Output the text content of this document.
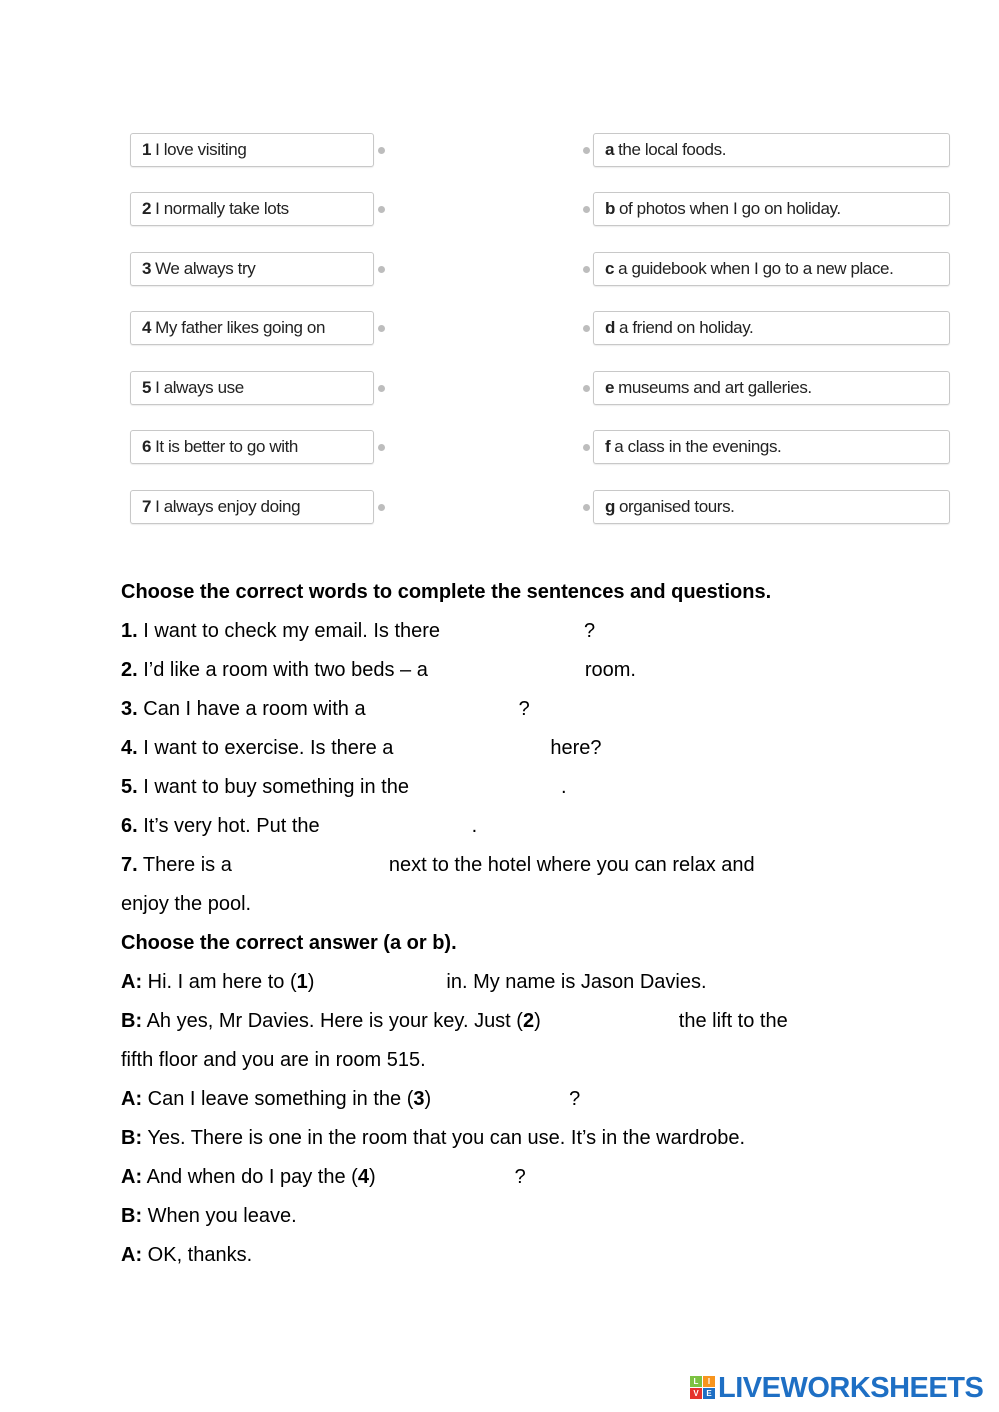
1 I love visiting
2 I normally take lots
3 We always try
4 My father likes going on
5 I always use
6 It is better to go with
7 I always enjoy doing
a the local foods.
b of photos when I go on holiday.
c a guidebook when I go to a new place.
d a friend on holiday.
e museums and art galleries.
f a class in the evenings.
g organised tours.
Choose the correct words to complete the sentences and questions.
1. I want to check my email. Is there	?
2. I’d like a room with two beds – a	room.
3. Can I have a room with a	?
4. I want to exercise. Is there a	here?
5. I want to buy something in the	.
6. It’s very hot. Put the	.
7. There is a	next to the hotel where you can relax and
enjoy the pool.
Choose the correct answer (a or b).
A: Hi. I am here to (1)	in. My name is Jason Davies.
B: Ah yes, Mr Davies. Here is your key. Just (2)	the lift to the
fifth floor and you are in room 515.
A: Can I leave something in the (3)	?
B: Yes. There is one in the room that you can use. It’s in the wardrobe.
A: And when do I pay the (4)	?
B: When you leave.
A: OK, thanks.
L	I
V E LIVEWORKSHEETS
